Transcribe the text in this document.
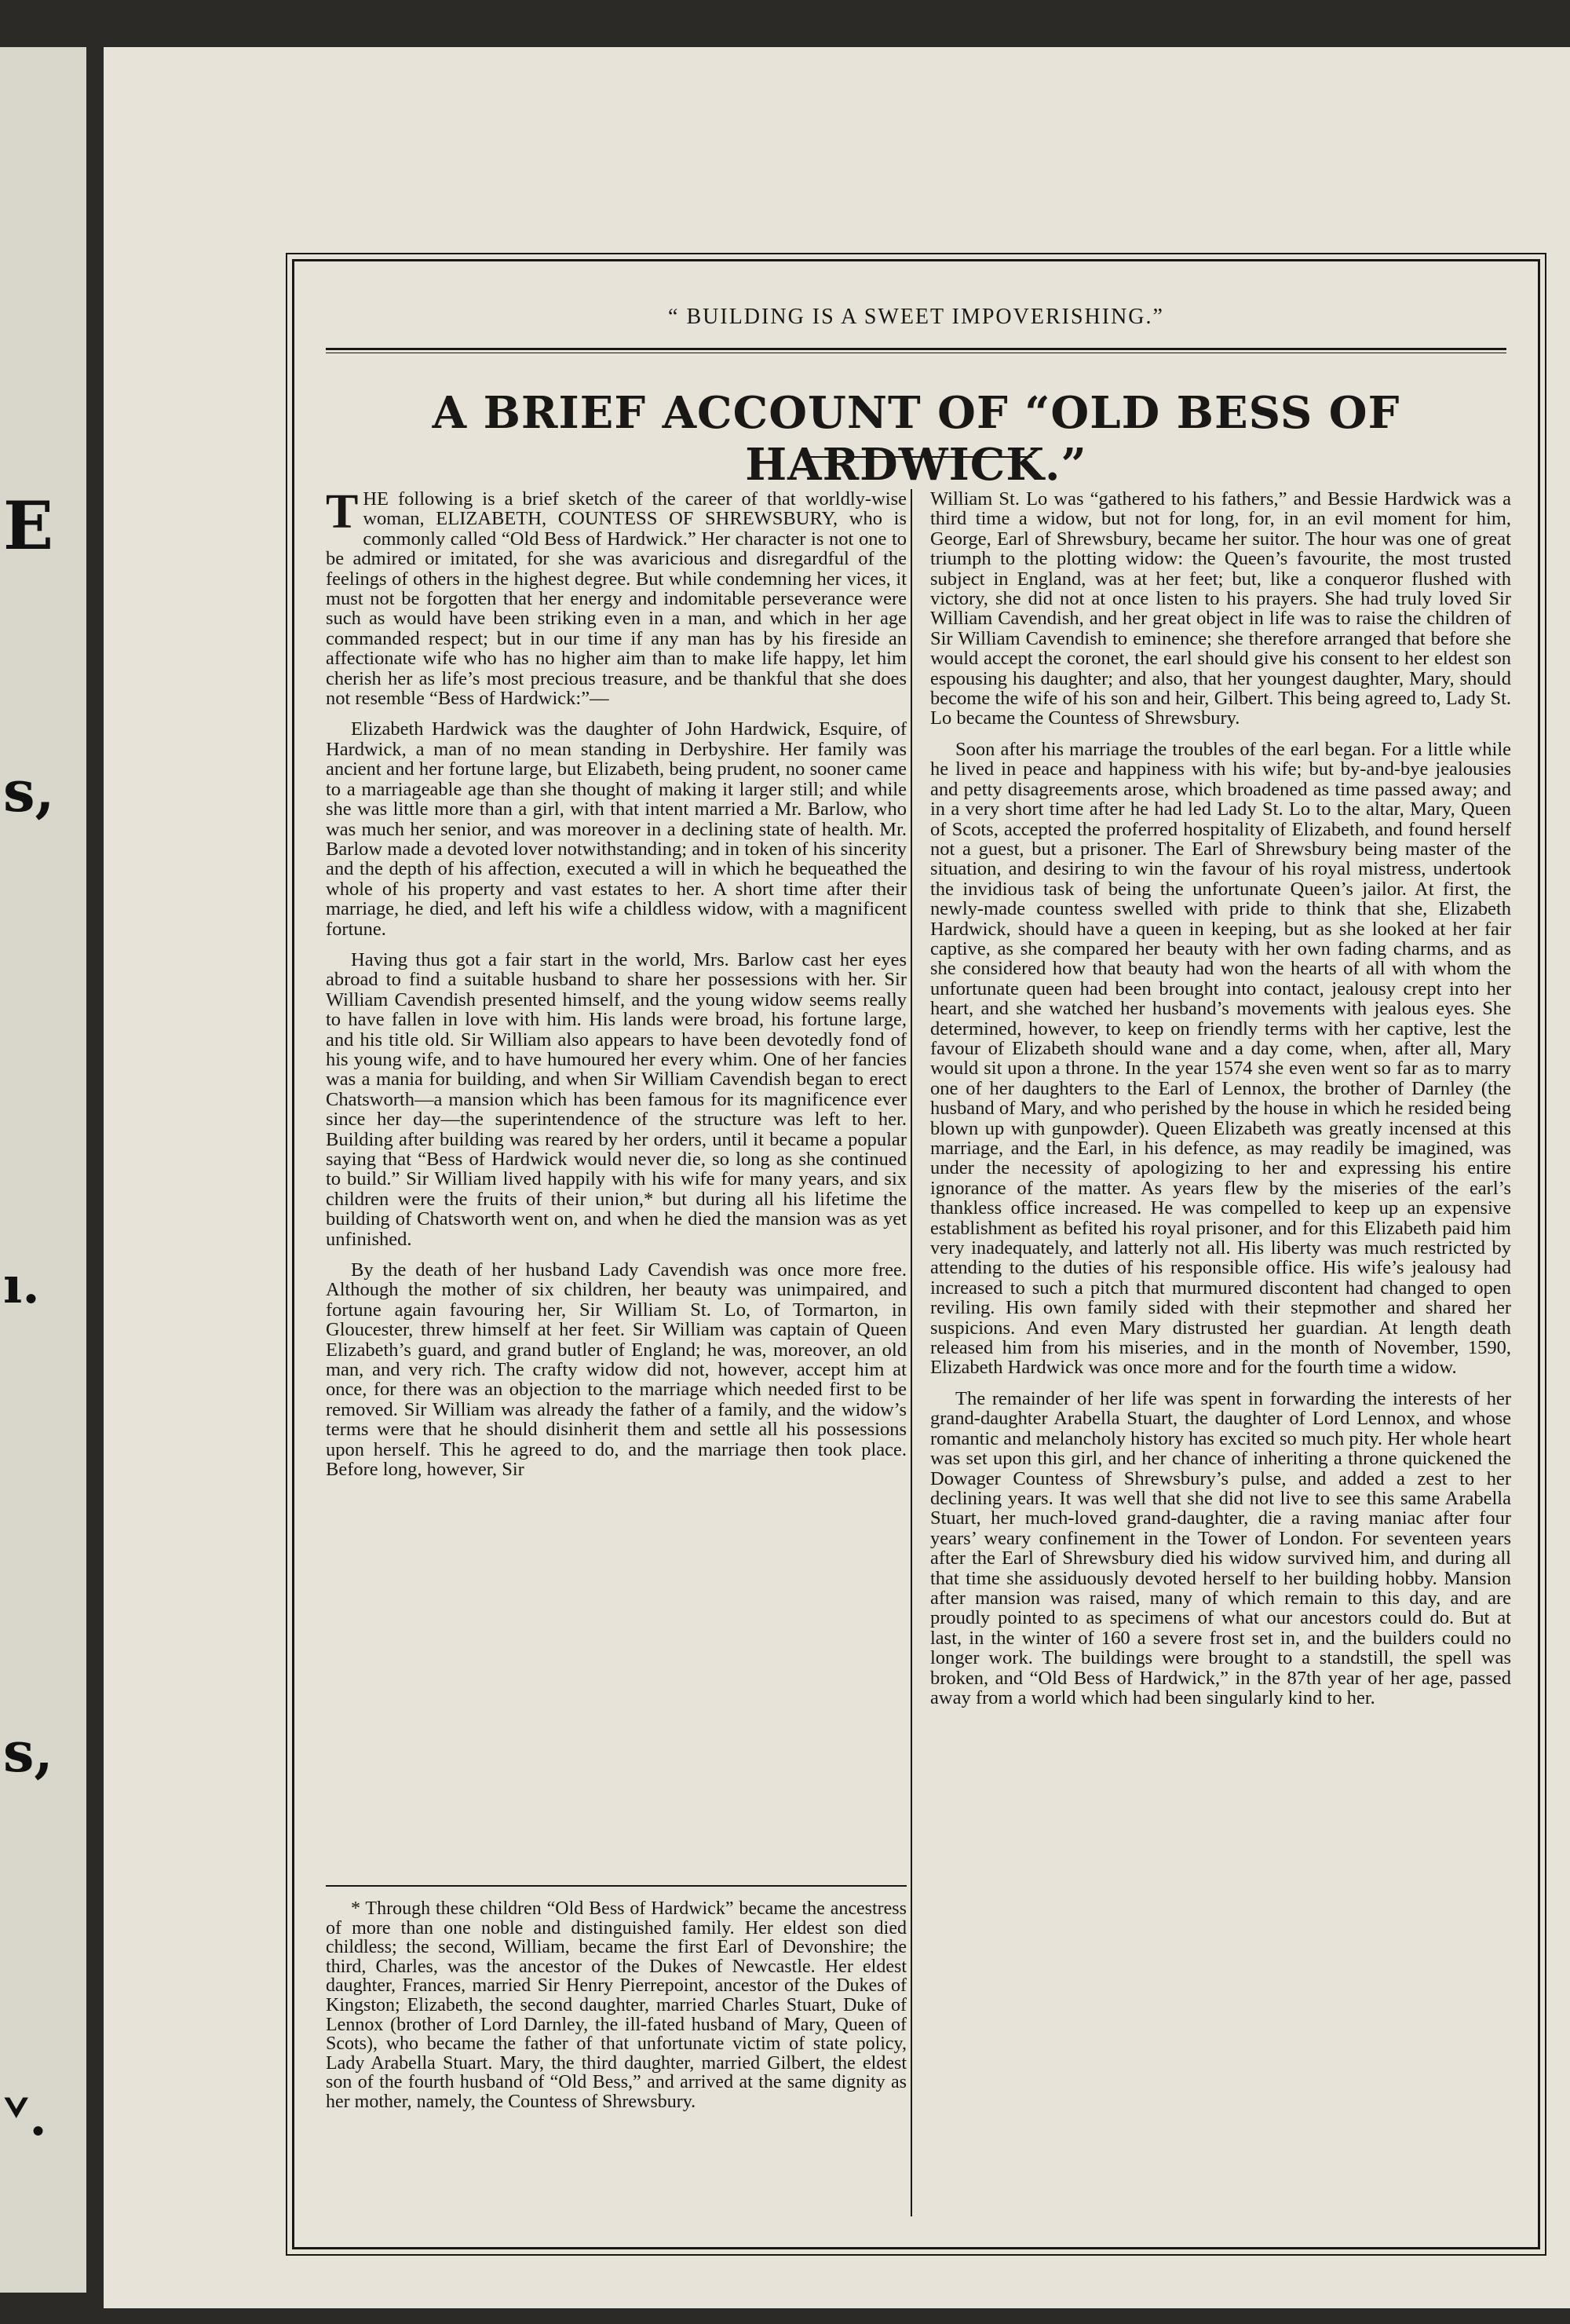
E
s,
ı.
s,
ᘁ.
“ BUILDING IS A SWEET IMPOVERISHING.”
A BRIEF ACCOUNT OF “OLD BESS OF HARDWICK.”

THE following is a brief sketch of the career of that worldly-wise woman, ELIZABETH, COUNTESS OF SHREWSBURY, who is commonly called “Old Bess of Hardwick.” Her character is not one to be admired or imitated, for she was avaricious and disregardful of the feelings of others in the highest degree. But while condemning her vices, it must not be forgotten that her energy and indomitable perseverance were such as would have been striking even in a man, and which in her age commanded respect; but in our time if any man has by his fireside an affectionate wife who has no higher aim than to make life happy, let him cherish her as life’s most precious treasure, and be thankful that she does not resemble “Bess of Hardwick:”—

Elizabeth Hardwick was the daughter of John Hardwick, Esquire, of Hardwick, a man of no mean standing in Derbyshire. Her family was ancient and her fortune large, but Elizabeth, being prudent, no sooner came to a marriageable age than she thought of making it larger still; and while she was little more than a girl, with that intent married a Mr. Barlow, who was much her senior, and was moreover in a declining state of health. Mr. Barlow made a devoted lover notwithstanding; and in token of his sincerity and the depth of his affection, executed a will in which he bequeathed the whole of his property and vast estates to her. A short time after their marriage, he died, and left his wife a childless widow, with a magnificent fortune.

Having thus got a fair start in the world, Mrs. Barlow cast her eyes abroad to find a suitable husband to share her possessions with her. Sir William Cavendish presented himself, and the young widow seems really to have fallen in love with him. His lands were broad, his fortune large, and his title old. Sir William also appears to have been devotedly fond of his young wife, and to have humoured her every whim. One of her fancies was a mania for building, and when Sir William Cavendish began to erect Chatsworth—a mansion which has been famous for its magnificence ever since her day—the superintendence of the structure was left to her. Building after building was reared by her orders, until it became a popular saying that “Bess of Hardwick would never die, so long as she continued to build.” Sir William lived happily with his wife for many years, and six children were the fruits of their union,* but during all his lifetime the building of Chatsworth went on, and when he died the mansion was as yet unfinished.

By the death of her husband Lady Cavendish was once more free. Although the mother of six children, her beauty was unimpaired, and fortune again favouring her, Sir William St. Lo, of Tormarton, in Gloucester, threw himself at her feet. Sir William was captain of Queen Elizabeth’s guard, and grand butler of England; he was, moreover, an old man, and very rich. The crafty widow did not, however, accept him at once, for there was an objection to the marriage which needed first to be removed. Sir William was already the father of a family, and the widow’s terms were that he should disinherit them and settle all his possessions upon herself. This he agreed to do, and the marriage then took place. Before long, however, Sir

William St. Lo was “gathered to his fathers,” and Bessie Hardwick was a third time a widow, but not for long, for, in an evil moment for him, George, Earl of Shrewsbury, became her suitor. The hour was one of great triumph to the plotting widow: the Queen’s favourite, the most trusted subject in England, was at her feet; but, like a conqueror flushed with victory, she did not at once listen to his prayers. She had truly loved Sir William Cavendish, and her great object in life was to raise the children of Sir William Cavendish to eminence; she therefore arranged that before she would accept the coronet, the earl should give his consent to her eldest son espousing his daughter; and also, that her youngest daughter, Mary, should become the wife of his son and heir, Gilbert. This being agreed to, Lady St. Lo became the Countess of Shrewsbury.

Soon after his marriage the troubles of the earl began. For a little while he lived in peace and happiness with his wife; but by-and-bye jealousies and petty disagreements arose, which broadened as time passed away; and in a very short time after he had led Lady St. Lo to the altar, Mary, Queen of Scots, accepted the proferred hospitality of Elizabeth, and found herself not a guest, but a prisoner. The Earl of Shrewsbury being master of the situation, and desiring to win the favour of his royal mistress, undertook the invidious task of being the unfortunate Queen’s jailor. At first, the newly-made countess swelled with pride to think that she, Elizabeth Hardwick, should have a queen in keeping, but as she looked at her fair captive, as she compared her beauty with her own fading charms, and as she considered how that beauty had won the hearts of all with whom the unfortunate queen had been brought into contact, jealousy crept into her heart, and she watched her husband’s movements with jealous eyes. She determined, however, to keep on friendly terms with her captive, lest the favour of Elizabeth should wane and a day come, when, after all, Mary would sit upon a throne. In the year 1574 she even went so far as to marry one of her daughters to the Earl of Lennox, the brother of Darnley (the husband of Mary, and who perished by the house in which he resided being blown up with gunpowder). Queen Elizabeth was greatly incensed at this marriage, and the Earl, in his defence, as may readily be imagined, was under the necessity of apologizing to her and expressing his entire ignorance of the matter. As years flew by the miseries of the earl’s thankless office increased. He was compelled to keep up an expensive establishment as befited his royal prisoner, and for this Elizabeth paid him very inadequately, and latterly not all. His liberty was much restricted by attending to the duties of his responsible office. His wife’s jealousy had increased to such a pitch that murmured discontent had changed to open reviling. His own family sided with their stepmother and shared her suspicions. And even Mary distrusted her guardian. At length death released him from his miseries, and in the month of November, 1590, Elizabeth Hardwick was once more and for the fourth time a widow.

The remainder of her life was spent in forwarding the interests of her grand-daughter Arabella Stuart, the daughter of Lord Lennox, and whose romantic and melancholy history has excited so much pity. Her whole heart was set upon this girl, and her chance of inheriting a throne quickened the Dowager Countess of Shrewsbury’s pulse, and added a zest to her declining years. It was well that she did not live to see this same Arabella Stuart, her much-loved grand-daughter, die a raving maniac after four years’ weary confinement in the Tower of London. For seventeen years after the Earl of Shrewsbury died his widow survived him, and during all that time she assiduously devoted herself to her building hobby. Mansion after mansion was raised, many of which remain to this day, and are proudly pointed to as specimens of what our ancestors could do. But at last, in the winter of 160 a severe frost set in, and the builders could no longer work. The buildings were brought to a standstill, the spell was broken, and “Old Bess of Hardwick,” in the 87th year of her age, passed away from a world which had been singularly kind to her.

* Through these children “Old Bess of Hardwick” became the ancestress of more than one noble and distinguished family. Her eldest son died childless; the second, William, became the first Earl of Devonshire; the third, Charles, was the ancestor of the Dukes of Newcastle. Her eldest daughter, Frances, married Sir Henry Pierrepoint, ancestor of the Dukes of Kingston; Elizabeth, the second daughter, married Charles Stuart, Duke of Lennox (brother of Lord Darnley, the ill-fated husband of Mary, Queen of Scots), who became the father of that unfortunate victim of state policy, Lady Arabella Stuart. Mary, the third daughter, married Gilbert, the eldest son of the fourth husband of “Old Bess,” and arrived at the same dignity as her mother, namely, the Countess of Shrewsbury.
